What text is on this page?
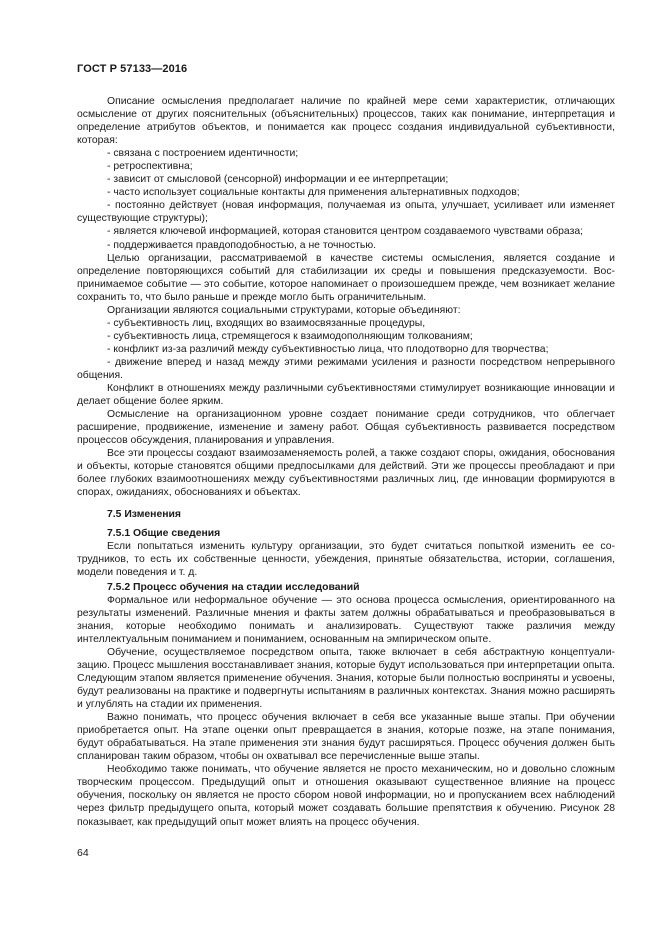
ГОСТ Р 57133—2016

Описание осмысления предполагает наличие по крайней мере семи характеристик, отличающих осмысление от других пояснительных (объяснительных) процессов, таких как понимание, интерпретация и определение атрибутов объектов, и понимается как процесс создания индивидуальной субъективности, которая:

- связана с построением идентичности;

- ретроспективна;

- зависит от смысловой (сенсорной) информации и ее интерпретации;

- часто использует социальные контакты для применения альтернативных подходов;

- постоянно действует (новая информация, получаемая из опыта, улучшает, усиливает или изменяет существующие структуры);

- является ключевой информацией, которая становится центром создаваемого чувствами образа;

- поддерживается правдоподобностью, а не точностью.

Целью организации, рассматриваемой в качестве системы осмысления, является создание и определение повторяющихся событий для стабилизации их среды и повышения предсказуемости. Воспринимаемое событие — это событие, которое напоминает о произошедшем прежде, чем возникает желание сохранить то, что было раньше и прежде могло быть ограничительным.

Организации являются социальными структурами, которые объединяют:

- субъективность лиц, входящих во взаимосвязанные процедуры,

- субъективность лица, стремящегося к взаимодополняющим толкованиям;

- конфликт из-за различий между субъективностью лица, что плодотворно для творчества;

- движение вперед и назад между этими режимами усиления и разности посредством непрерывного общения.

Конфликт в отношениях между различными субъективностями стимулирует возникающие инновации и делает общение более ярким.

Осмысление на организационном уровне создает понимание среди сотрудников, что облегчает расширение, продвижение, изменение и замену работ. Общая субъективность развивается посредством процессов обсуждения, планирования и управления.

Все эти процессы создают взаимозаменяемость ролей, а также создают споры, ожидания, обоснования и объекты, которые становятся общими предпосылками для действий. Эти же процессы преобладают и при более глубоких взаимоотношениях между субъективностями различных лиц, где инновации формируются в спорах, ожиданиях, обоснованиях и объектах.

7.5 Изменения
7.5.1 Общие сведения

Если попытаться изменить культуру организации, это будет считаться попыткой изменить ее сотрудников, то есть их собственные ценности, убеждения, принятые обязательства, истории, соглашения, модели поведения и т. д.

7.5.2 Процесс обучения на стадии исследований

Формальное или неформальное обучение — это основа процесса осмысления, ориентированного на результаты изменений. Различные мнения и факты затем должны обрабатываться и преобразовываться в знания, которые необходимо понимать и анализировать. Существуют также различия между интеллектуальным пониманием и пониманием, основанным на эмпирическом опыте.

Обучение, осуществляемое посредством опыта, также включает в себя абстрактную концептуализацию. Процесс мышления восстанавливает знания, которые будут использоваться при интерпретации опыта. Следующим этапом является применение обучения. Знания, которые были полностью восприняты и усвоены, будут реализованы на практике и подвергнуты испытаниям в различных контекстах. Знания можно расширять и углублять на стадии их применения.

Важно понимать, что процесс обучения включает в себя все указанные выше этапы. При обучении приобретается опыт. На этапе оценки опыт превращается в знания, которые позже, на этапе понимания, будут обрабатываться. На этапе применения эти знания будут расширяться. Процесс обучения должен быть спланирован таким образом, чтобы он охватывал все перечисленные выше этапы.

Необходимо также понимать, что обучение является не просто механическим, но и довольно сложным творческим процессом. Предыдущий опыт и отношения оказывают существенное влияние на процесс обучения, поскольку он является не просто сбором новой информации, но и пропусканием всех наблюдений через фильтр предыдущего опыта, который может создавать большие препятствия к обучению. Рисунок 28 показывает, как предыдущий опыт может влиять на процесс обучения.

64
